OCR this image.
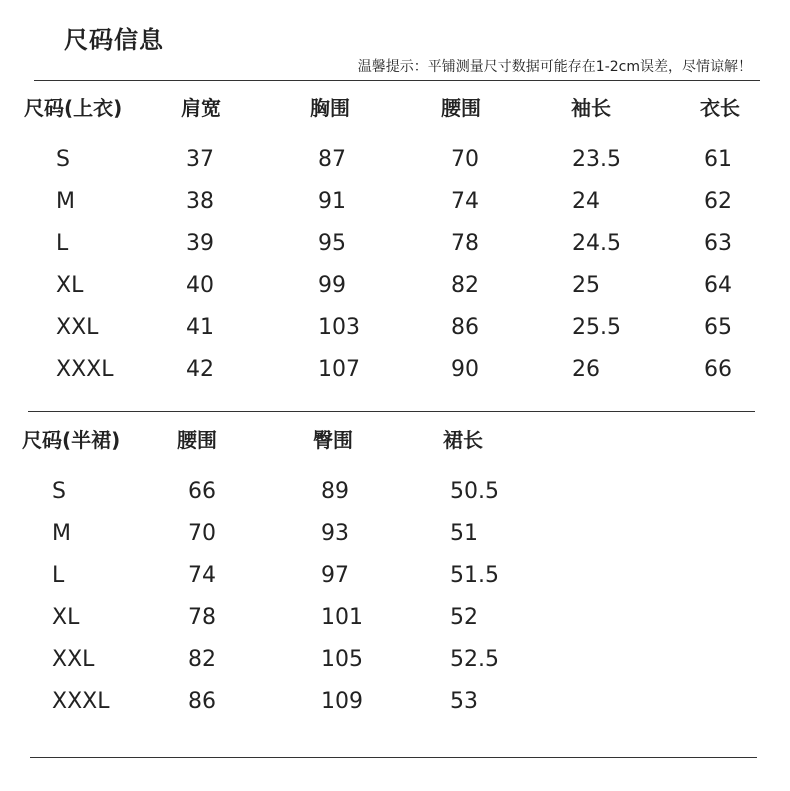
尺码信息
温馨提示：平铺测量尺寸数据可能存在1-2cm误差，尽情谅解！
尺码(上衣)	肩宽	胸围	腰围	袖长	衣长
S	37	87	70	23.5	61
M	38	91	74	24	62
L	39	95	78	24.5	63
XL	40	99	82	25	64
XXL	41	103	86	25.5	65
XXXL	42	107	90	26	66
尺码(半裙)	腰围	臀围	裙长
S	66	89	50.5
M	70	93	51
L	74	97	51.5
XL	78	101	52
XXL	82	105	52.5
XXXL	86	109	53
